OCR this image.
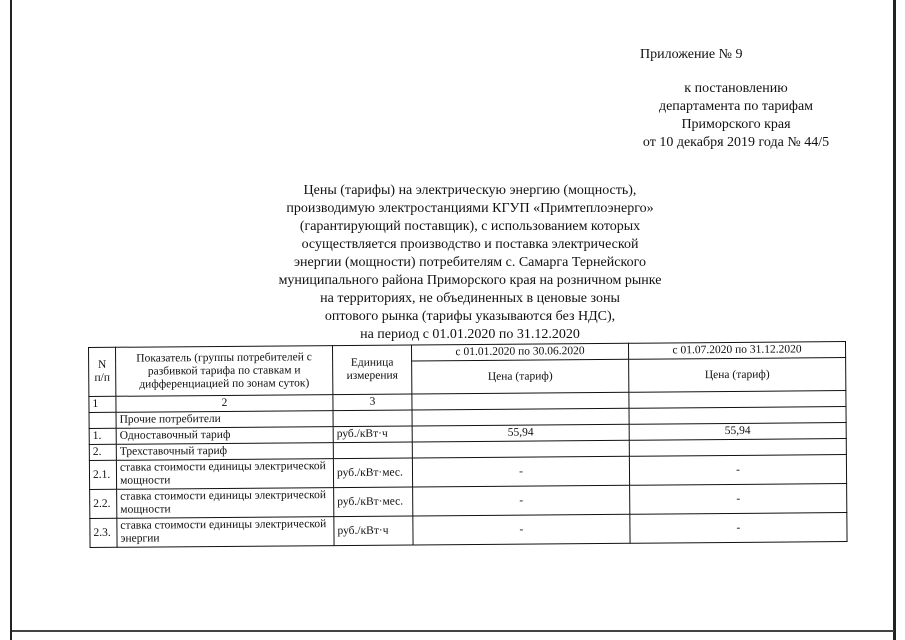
Приложение № 9
к постановлению
департамента по тарифам
Приморского края
от 10 декабря 2019 года № 44/5
Цены (тарифы) на электрическую энергию (мощность),
производимую электростанциями КГУП «Примтеплоэнерго»
(гарантирующий поставщик), с использованием которых
осуществляется производство и поставка электрической
энергии (мощности) потребителям с. Самарга Тернейского
муниципального района Приморского края на розничном рынке
на территориях, не объединенных в ценовые зоны
оптового рынка (тарифы указываются без НДС),
на период с 01.01.2020 по 31.12.2020
N п/п	Показатель (группы потребителей с разбивкой тарифа по ставкам и дифференциацией по зонам суток)	Единица измерения	с 01.01.2020 по 30.06.2020	с 01.07.2020 по 31.12.2020
			Цена (тариф)	Цена (тариф)
1	2	3		
	Прочие потребители			
1.	Одноставочный тариф	руб./кВт·ч	55,94	55,94
2.	Трехставочный тариф			
2.1.	ставка стоимости единицы электрической мощности	руб./кВт·мес.	-	-
2.2.	ставка стоимости единицы электрической мощности	руб./кВт·мес.	-	-
2.3.	ставка стоимости единицы электрической энергии	руб./кВт·ч	-	-
